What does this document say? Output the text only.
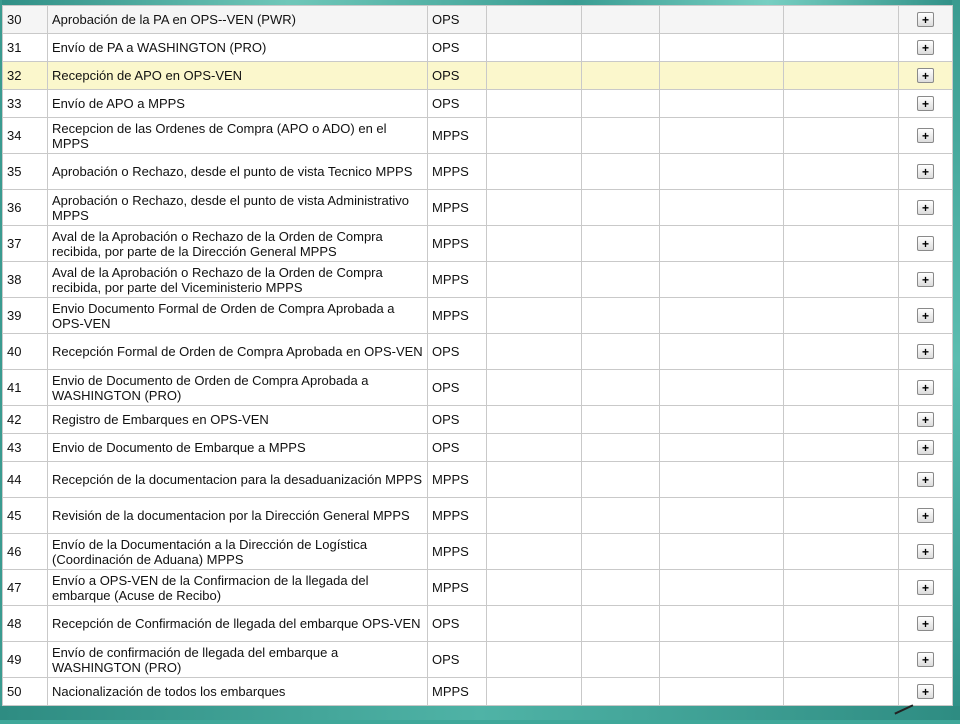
30	Aprobación de la PA en OPS--VEN (PWR)	OPS					+
31	Envío de PA a WASHINGTON (PRO)	OPS					+
32	Recepción de APO en OPS-VEN	OPS					+
33	Envío de APO a MPPS	OPS					+
34	Recepcion de las Ordenes de Compra (APO o ADO) en el MPPS	MPPS					+
35	Aprobación o Rechazo, desde el punto de vista Tecnico MPPS	MPPS					+
36	Aprobación o Rechazo, desde el punto de vista Administrativo MPPS	MPPS					+
37	Aval de la Aprobación o Rechazo de la Orden de Compra recibida, por parte de la Dirección General MPPS	MPPS					+
38	Aval de la Aprobación o Rechazo de la Orden de Compra recibida, por parte del Viceministerio MPPS	MPPS					+
39	Envio Documento Formal de Orden de Compra Aprobada a OPS-VEN	MPPS					+
40	Recepción Formal de Orden de Compra Aprobada en OPS-VEN	OPS					+
41	Envio de Documento de Orden de Compra Aprobada a WASHINGTON (PRO)	OPS					+
42	Registro de Embarques en OPS-VEN	OPS					+
43	Envio de Documento de Embarque a MPPS	OPS					+
44	Recepción de la documentacion para la desaduanización MPPS	MPPS					+
45	Revisión de la documentacion por la Dirección General MPPS	MPPS					+
46	Envío de la Documentación a la Dirección de Logística (Coordinación de Aduana) MPPS	MPPS					+
47	Envío a OPS-VEN de la Confirmacion de la llegada del embarque (Acuse de Recibo)	MPPS					+
48	Recepción de Confirmación de llegada del embarque OPS-VEN	OPS					+
49	Envío de confirmación de llegada del embarque a WASHINGTON (PRO)	OPS					+
50	Nacionalización de todos los embarques	MPPS					+
